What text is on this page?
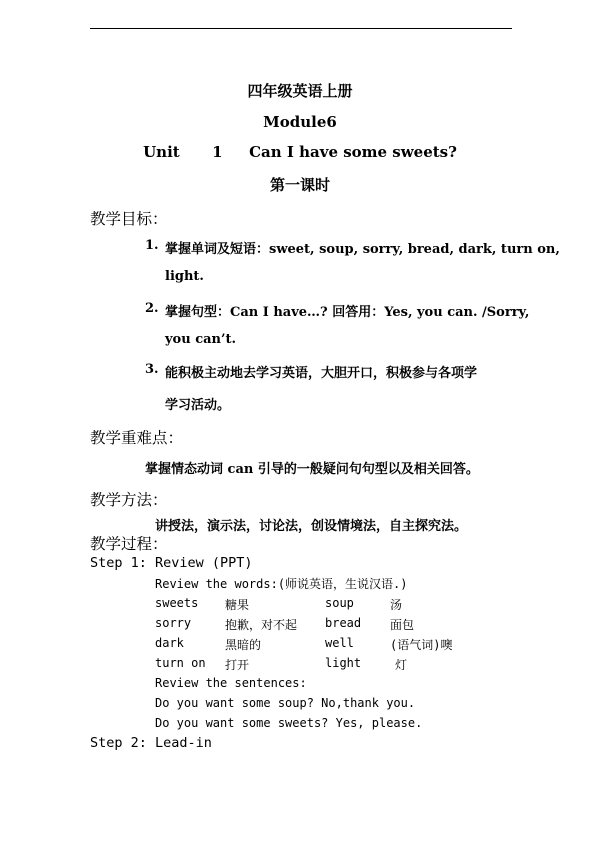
四年级英语上册
Module6
Unit 1 Can I have some sweets?
第一课时
教学目标：
1. 掌握单词及短语：sweet, soup, sorry, bread, dark, turn on,
light.
2. 掌握句型：Can I have…? 回答用：Yes, you can. /Sorry,
you can’t.
3. 能积极主动地去学习英语，大胆开口，积极参与各项学
学习活动。
教学重难点：
掌握情态动词 can 引导的一般疑问句句型以及相关回答。
教学方法：
讲授法，演示法，讨论法，创设情境法，自主探究法。
教学过程：
Step 1: Review (PPT)
Review the words:(师说英语，生说汉语.)
sweets 糖果	soup	汤
sorry	抱歉，对不起 bread 面包
dark	黑暗的	well	(语气词)噢
turn on 打开	light	灯
Review the sentences:
Do you want some soup? No,thank you.
Do you want some sweets? Yes, please.
Step 2: Lead-in
